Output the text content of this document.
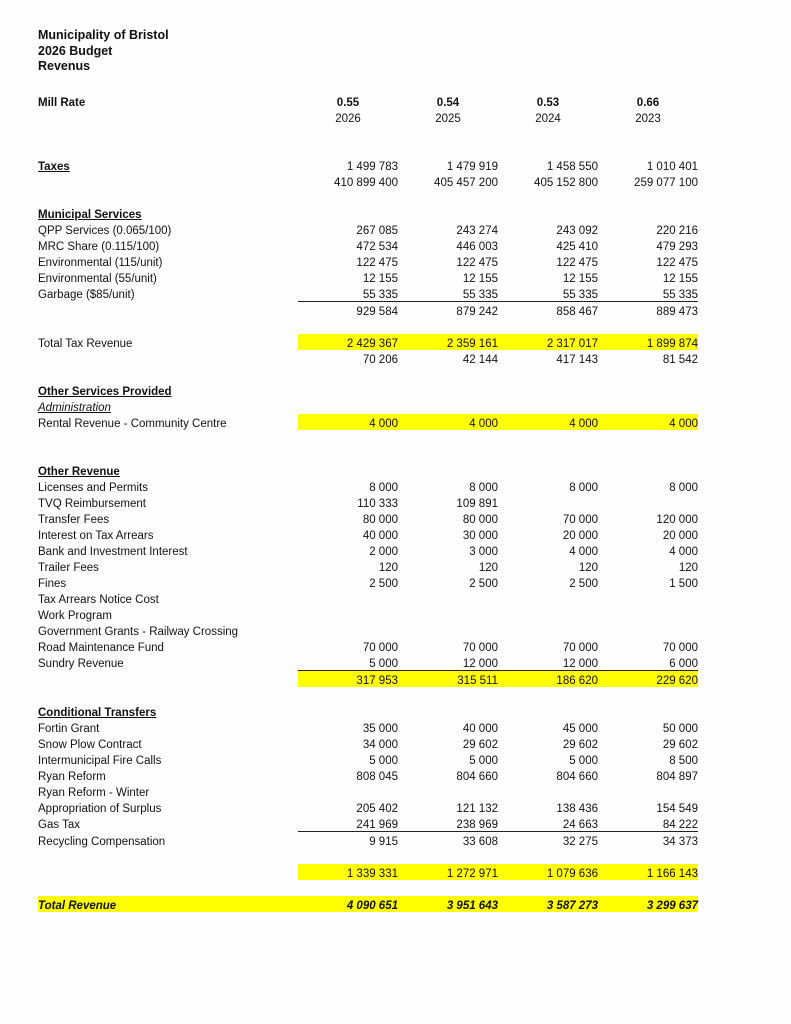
Municipality of Bristol
2026 Budget
Revenus
Mill Rate	0.55	0.54	0.53	0.66
	2026	2025	2024	2023

Taxes	1 499 783	1 479 919	1 458 550	1 010 401
	410 899 400	405 457 200	405 152 800	259 077 100

Municipal Services				
QPP Services (0.065/100)	267 085	243 274	243 092	220 216
MRC Share (0.115/100)	472 534	446 003	425 410	479 293
Environmental (115/unit)	122 475	122 475	122 475	122 475
Environmental (55/unit)	12 155	12 155	12 155	12 155
Garbage ($85/unit)	55 335	55 335	55 335	55 335
	929 584	879 242	858 467	889 473

Total Tax Revenue	2 429 367	2 359 161	2 317 017	1 899 874
	70 206	42 144	417 143	81 542

Other Services Provided				
Administration				
Rental Revenue - Community Centre	4 000	4 000	4 000	4 000

Other Revenue				
Licenses and Permits	8 000	8 000	8 000	8 000
TVQ Reimbursement	110 333	109 891		
Transfer Fees	80 000	80 000	70 000	120 000
Interest on Tax Arrears	40 000	30 000	20 000	20 000
Bank and Investment Interest	2 000	3 000	4 000	4 000
Trailer Fees	120	120	120	120
Fines	2 500	2 500	2 500	1 500
Tax Arrears Notice Cost				
Work Program				
Government Grants - Railway Crossing				
Road Maintenance Fund	70 000	70 000	70 000	70 000
Sundry Revenue	5 000	12 000	12 000	6 000
	317 953	315 511	186 620	229 620

Conditional Transfers				
Fortin Grant	35 000	40 000	45 000	50 000
Snow Plow Contract	34 000	29 602	29 602	29 602
Intermunicipal Fire Calls	5 000	5 000	5 000	8 500
Ryan Reform	808 045	804 660	804 660	804 897
Ryan Reform - Winter				
Appropriation of Surplus	205 402	121 132	138 436	154 549
Gas Tax	241 969	238 969	24 663	84 222
Recycling Compensation	9 915	33 608	32 275	34 373

	1 339 331	1 272 971	1 079 636	1 166 143

Total Revenue	4 090 651	3 951 643	3 587 273	3 299 637
